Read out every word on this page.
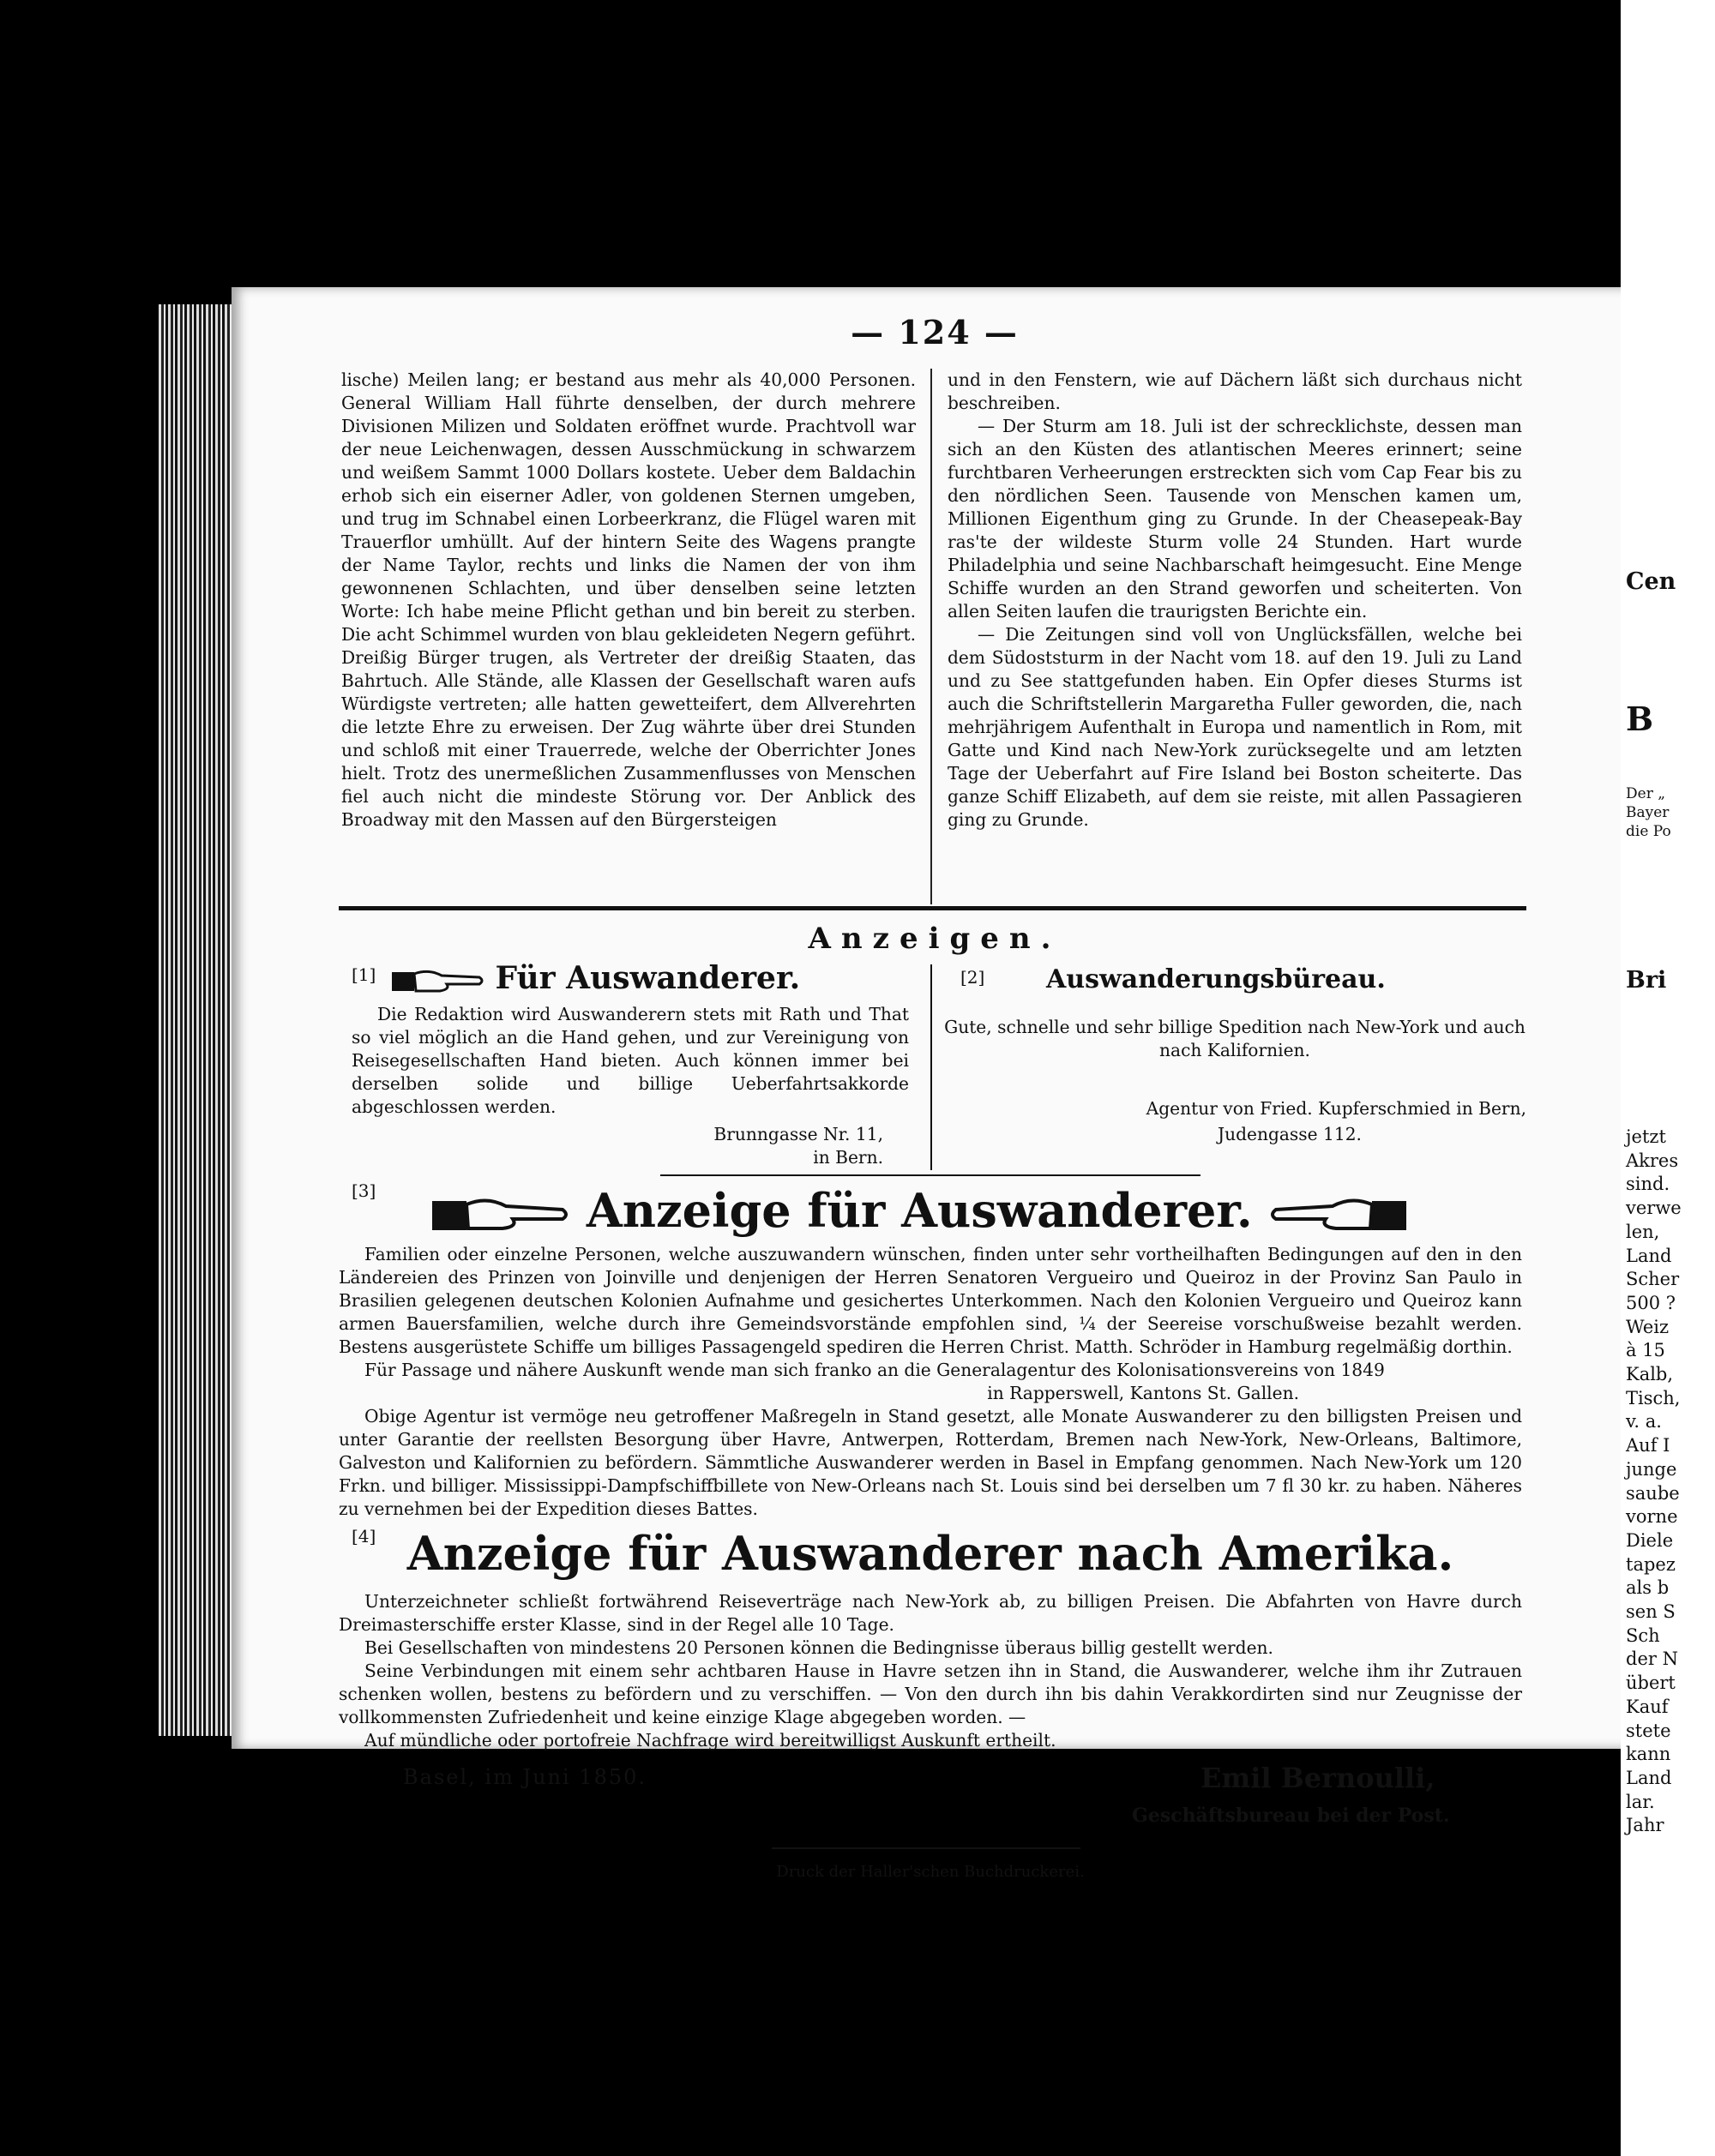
— 124 —

lische) Meilen lang; er bestand aus mehr als 40,000 Personen. General William Hall führte denselben, der durch mehrere Divisionen Milizen und Soldaten eröffnet wurde. Prachtvoll war der neue Leichenwagen, dessen Ausschmückung in schwarzem und weißem Sammt 1000 Dollars kostete. Ueber dem Baldachin erhob sich ein eiserner Adler, von goldenen Sternen umgeben, und trug im Schnabel einen Lorbeerkranz, die Flügel waren mit Trauerflor umhüllt. Auf der hintern Seite des Wagens prangte der Name Taylor, rechts und links die Namen der von ihm gewonnenen Schlachten, und über denselben seine letzten Worte: Ich habe meine Pflicht gethan und bin bereit zu sterben. Die acht Schimmel wurden von blau gekleideten Negern geführt. Dreißig Bürger trugen, als Vertreter der dreißig Staaten, das Bahrtuch. Alle Stände, alle Klassen der Gesellschaft waren aufs Würdigste vertreten; alle hatten gewetteifert, dem Allverehrten die letzte Ehre zu erweisen. Der Zug währte über drei Stunden und schloß mit einer Trauerrede, welche der Oberrichter Jones hielt. Trotz des unermeßlichen Zusammenflusses von Menschen fiel auch nicht die mindeste Störung vor. Der Anblick des Broadway mit den Massen auf den Bürgersteigen

und in den Fenstern, wie auf Dächern läßt sich durchaus nicht beschreiben.

— Der Sturm am 18. Juli ist der schrecklichste, dessen man sich an den Küsten des atlantischen Meeres erinnert; seine furchtbaren Verheerungen erstreckten sich vom Cap Fear bis zu den nördlichen Seen. Tausende von Menschen kamen um, Millionen Eigenthum ging zu Grunde. In der Cheasepeak-Bay ras'te der wildeste Sturm volle 24 Stunden. Hart wurde Philadelphia und seine Nachbarschaft heimgesucht. Eine Menge Schiffe wurden an den Strand geworfen und scheiterten. Von allen Seiten laufen die traurigsten Berichte ein.

— Die Zeitungen sind voll von Unglücksfällen, welche bei dem Südoststurm in der Nacht vom 18. auf den 19. Juli zu Land und zu See stattgefunden haben. Ein Opfer dieses Sturms ist auch die Schriftstellerin Margaretha Fuller geworden, die, nach mehrjährigem Aufenthalt in Europa und namentlich in Rom, mit Gatte und Kind nach New-York zurücksegelte und am letzten Tage der Ueberfahrt auf Fire Island bei Boston scheiterte. Das ganze Schiff Elizabeth, auf dem sie reiste, mit allen Passagieren ging zu Grunde.

Anzeigen.
[1]	Für Auswanderer.

Die Redaktion wird Auswanderern stets mit Rath und That so viel möglich an die Hand gehen, und zur Vereinigung von Reisegesellschaften Hand bieten. Auch können immer bei derselben solide und billige Ueberfahrtsakkorde abgeschlossen werden.

Brunngasse Nr. 11,
in Bern.
[2] Auswanderungsbüreau.
Gute, schnelle und sehr billige Spedition nach New-York und auch nach Kalifornien.
Agentur von Fried. Kupferschmied in Bern,
Judengasse 112.
[3]	Anzeige für Auswanderer.

Familien oder einzelne Personen, welche auszuwandern wünschen, finden unter sehr vortheilhaften Bedingungen auf den in den Ländereien des Prinzen von Joinville und denjenigen der Herren Senatoren Vergueiro und Queiroz in der Provinz San Paulo in Brasilien gelegenen deutschen Kolonien Aufnahme und gesichertes Unterkommen. Nach den Kolonien Vergueiro und Queiroz kann armen Bauersfamilien, welche durch ihre Gemeindsvorstände empfohlen sind, ¼ der Seereise vorschußweise bezahlt werden. Bestens ausgerüstete Schiffe um billiges Passagengeld spediren die Herren Christ. Matth. Schröder in Hamburg regelmäßig dorthin.

Für Passage und nähere Auskunft wende man sich franko an die Generalagentur des Kolonisationsvereins von 1849

in Rapperswell, Kantons St. Gallen.

Obige Agentur ist vermöge neu getroffener Maßregeln in Stand gesetzt, alle Monate Auswanderer zu den billigsten Preisen und unter Garantie der reellsten Besorgung über Havre, Antwerpen, Rotterdam, Bremen nach New-York, New-Orleans, Baltimore, Galveston und Kalifornien zu befördern. Sämmtliche Auswanderer werden in Basel in Empfang genommen. Nach New-York um 120 Frkn. und billiger. Mississippi-Dampfschiffbillete von New-Orleans nach St. Louis sind bei derselben um 7 fl 30 kr. zu haben. Näheres zu vernehmen bei der Expedition dieses Battes.

[4] Anzeige für Auswanderer nach Amerika.

Unterzeichneter schließt fortwährend Reiseverträge nach New-York ab, zu billigen Preisen. Die Abfahrten von Havre durch Dreimasterschiffe erster Klasse, sind in der Regel alle 10 Tage.

Bei Gesellschaften von mindestens 20 Personen können die Bedingnisse überaus billig gestellt werden.

Seine Verbindungen mit einem sehr achtbaren Hause in Havre setzen ihn in Stand, die Auswanderer, welche ihm ihr Zutrauen schenken wollen, bestens zu befördern und zu verschiffen. — Von den durch ihn bis dahin Verakkordirten sind nur Zeugnisse der vollkommensten Zufriedenheit und keine einzige Klage abgegeben worden. —

Auf mündliche oder portofreie Nachfrage wird bereitwilligst Auskunft ertheilt.

Basel, im Juni 1850.	Emil Bernoulli,
Geschäftsbureau bei der Post.
Druck der Haller'schen Buchdruckerei.
Cen
B
Der „
Bayer
die Po
Bri
jetzt
Akres
sind.
verwe
len,
Land
Scher
500 ?
Weiz
à 15
Kalb,
Tisch,
v. a.
Auf I
junge
saube
vorne
Diele
tapez
als b
sen S
Sch
der N
übert
Kauf
stete
kann
Land
lar.
Jahr
